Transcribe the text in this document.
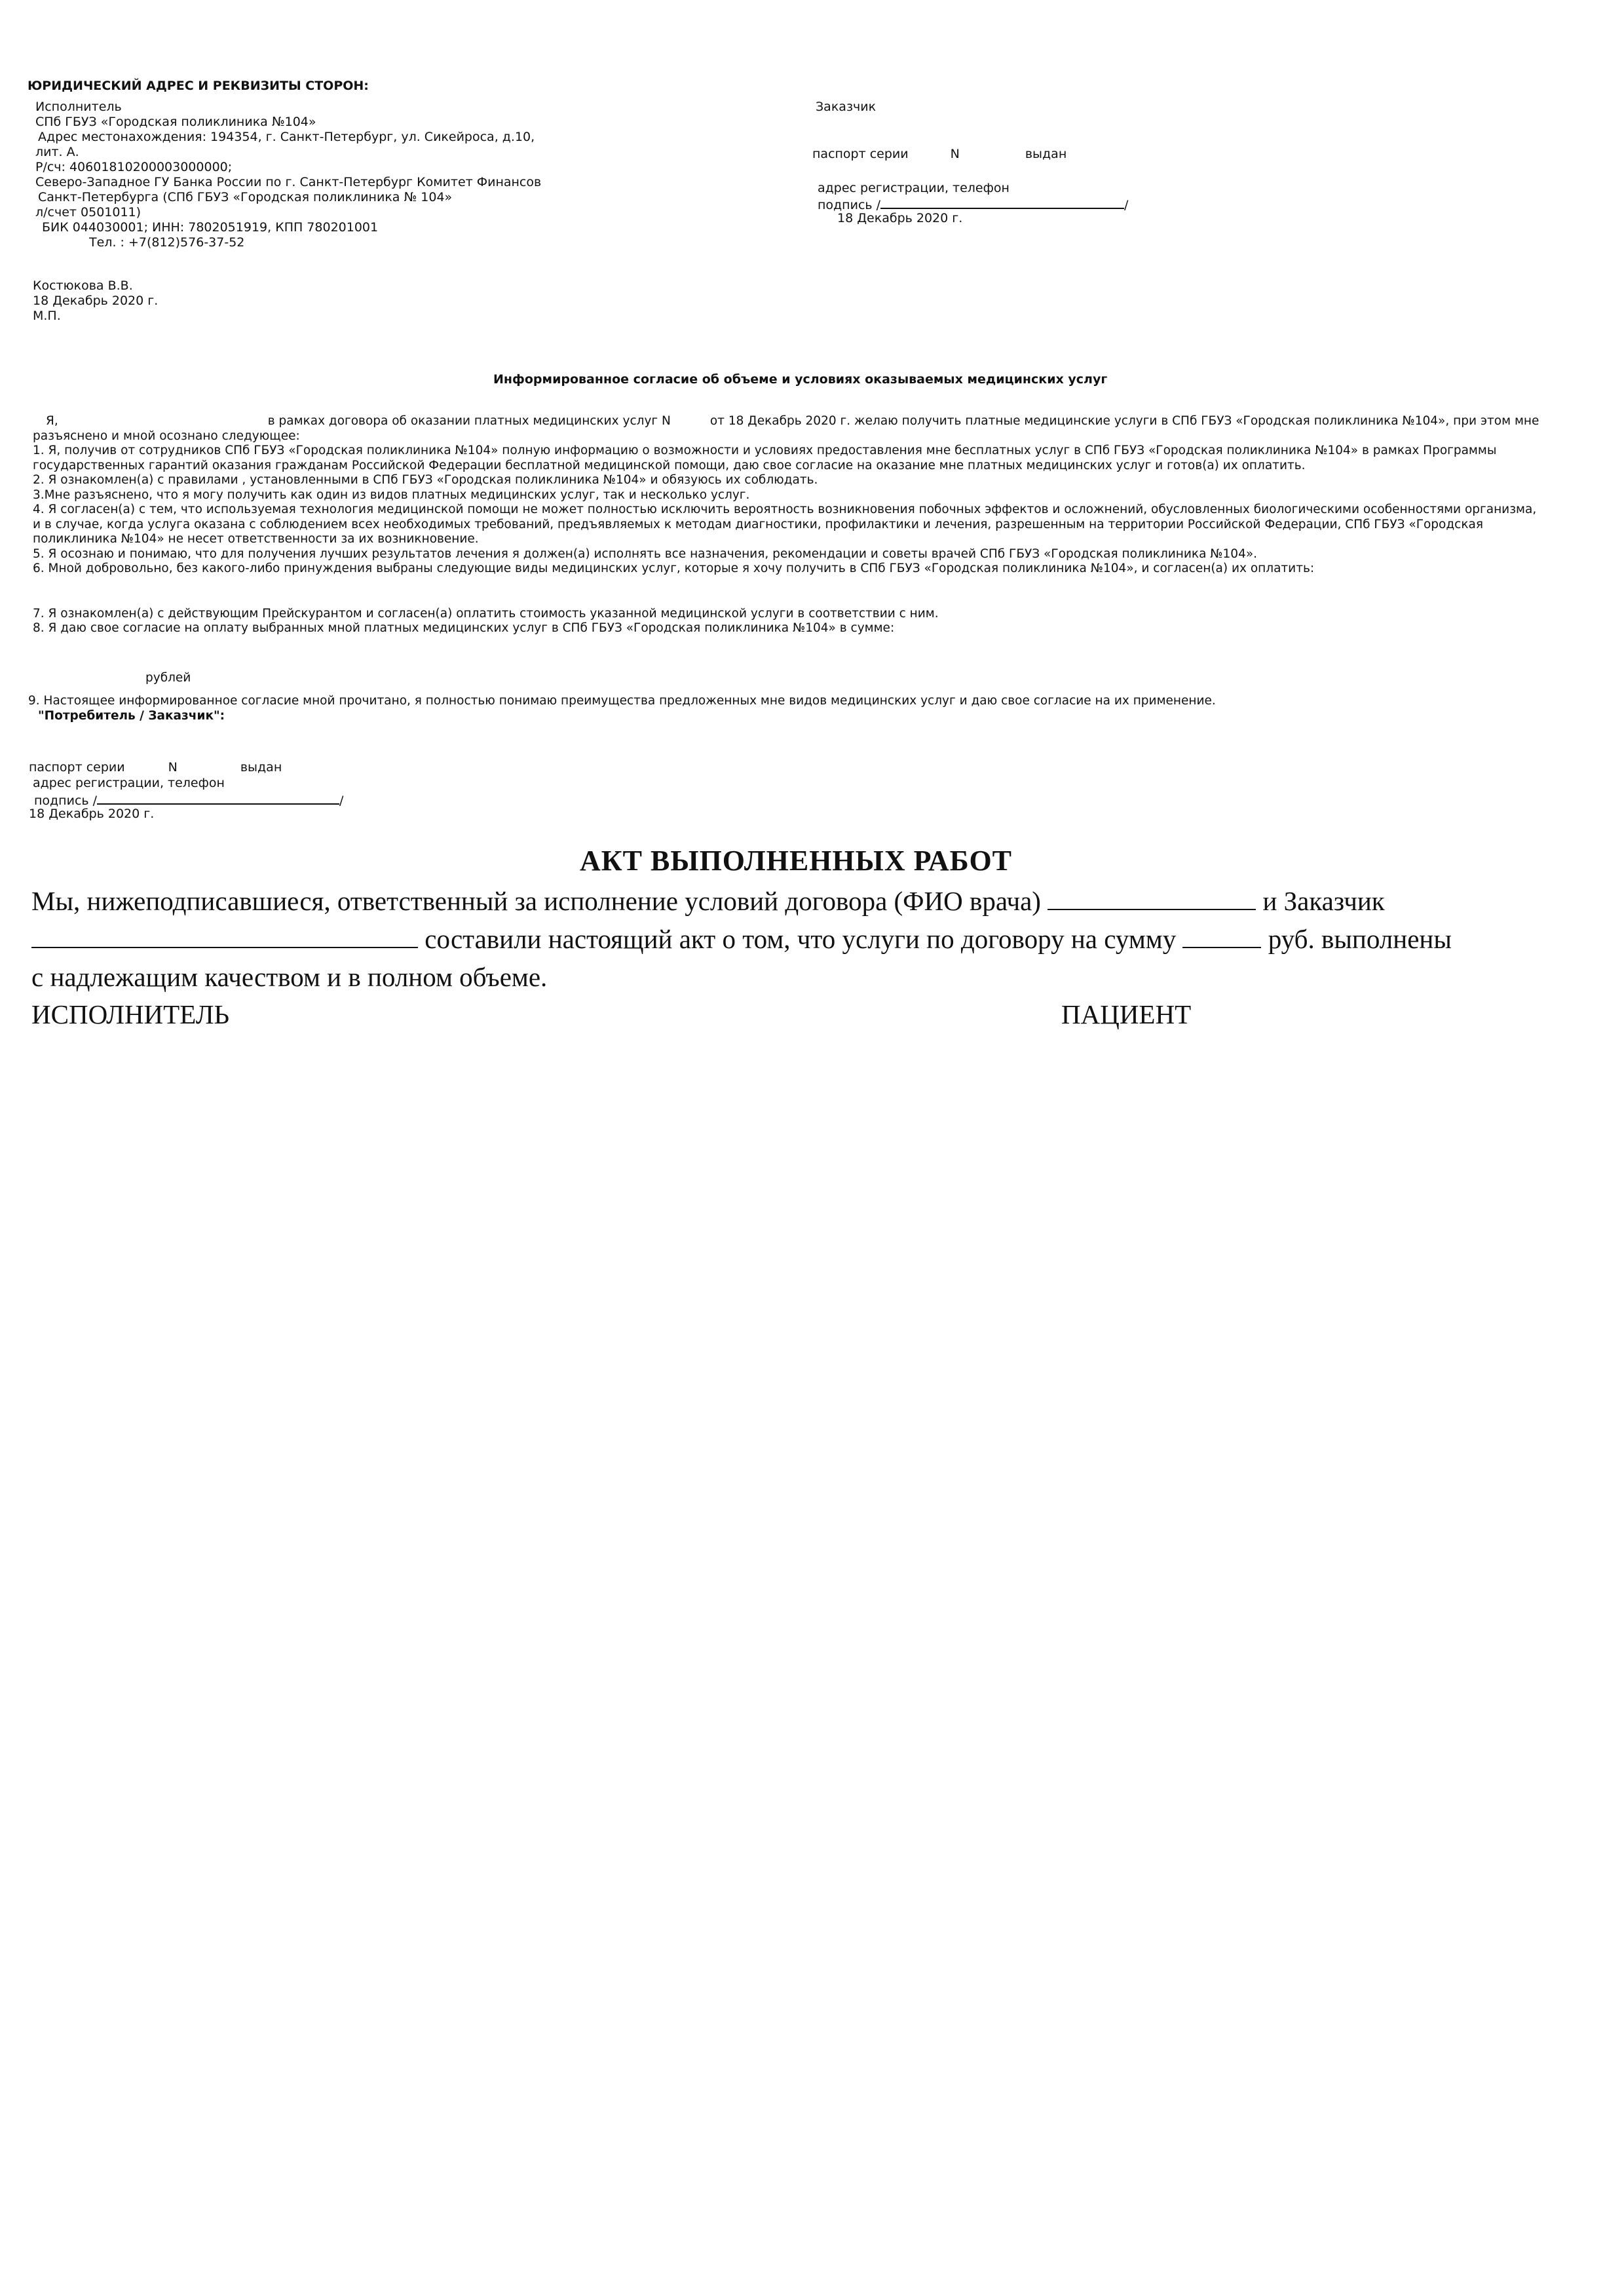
ЮРИДИЧЕСКИЙ АДРЕС И РЕКВИЗИТЫ СТОРОН:
Исполнитель
СПб ГБУЗ «Городская поликлиника №104»
Адрес местонахождения: 194354, г. Санкт-Петербург, ул. Сикейроса, д.10,
лит. А.
Р/сч: 40601810200003000000;
Северо-Западное ГУ Банка России по г. Санкт-Петербург Комитет Финансов
Санкт-Петербурга (СПб ГБУЗ «Городская поликлиника № 104»
л/счет 0501011)
БИК 044030001; ИНН: 7802051919, КПП 780201001
Тел. : +7(812)576-37-52
Костюкова В.В.
18 Декабрь 2020 г.
М.П.
Заказчик
паспорт серии	N	выдан
адрес регистрации, телефон
подпись /	/
18 Декабрь 2020 г.
Информированное согласие об объеме и условиях оказываемых медицинских услуг

Я,	в рамках договора об оказании платных медицинских услуг N	от 18 Декабрь 2020 г. желаю получить платные медицинские услуги в СПб ГБУЗ «Городская поликлиника №104», при этом мне

разъяснено и мной осознано следующее:

1. Я, получив от сотрудников СПб ГБУЗ «Городская поликлиника №104» полную информацию о возможности и условиях предоставления мне бесплатных услуг в СПб ГБУЗ «Городская поликлиника №104» в рамках Программы

государственных гарантий оказания гражданам Российской Федерации бесплатной медицинской помощи, даю свое согласие на оказание мне платных медицинских услуг и готов(а) их оплатить.

2. Я ознакомлен(а) с правилами , установленными в СПб ГБУЗ «Городская поликлиника №104» и обязуюсь их соблюдать.

3.Мне разъяснено, что я могу получить как один из видов платных медицинских услуг, так и несколько услуг.

4. Я согласен(а) с тем, что используемая технология медицинской помощи не может полностью исключить вероятность возникновения побочных эффектов и осложнений, обусловленных биологическими особенностями организма,

и в случае, когда услуга оказана с соблюдением всех необходимых требований, предъявляемых к методам диагностики, профилактики и лечения, разрешенным на территории Российской Федерации, СПб ГБУЗ «Городская

поликлиника №104» не несет ответственности за их возникновение.

5. Я осознаю и понимаю, что для получения лучших результатов лечения я должен(а) исполнять все назначения, рекомендации и советы врачей СПб ГБУЗ «Городская поликлиника №104».

6. Мной добровольно, без какого-либо принуждения выбраны следующие виды медицинских услуг, которые я хочу получить в СПб ГБУЗ «Городская поликлиника №104», и согласен(а) их оплатить:

7. Я ознакомлен(а) с действующим Прейскурантом и согласен(а) оплатить стоимость указанной медицинской услуги в соответствии с ним.

8. Я даю свое согласие на оплату выбранных мной платных медицинских услуг в СПб ГБУЗ «Городская поликлиника №104» в сумме:

рублей
9. Настоящее информированное согласие мной прочитано, я полностью понимаю преимущества предложенных мне видов медицинских услуг и даю свое согласие на их применение.
"Потребитель / Заказчик":
паспорт серии	N	выдан
адрес регистрации, телефон
подпись /	/
18 Декабрь 2020 г.
АКТ ВЫПОЛНЕННЫХ РАБОТ
Мы, нижеподписавшиеся, ответственный за исполнение условий договора (ФИО врача)	и Заказчик
составили настоящий акт о том, что услуги по договору на сумму	руб. выполнены
с надлежащим качеством и в полном объеме.
ИСПОЛНИТЕЛЬ	ПАЦИЕНТ
